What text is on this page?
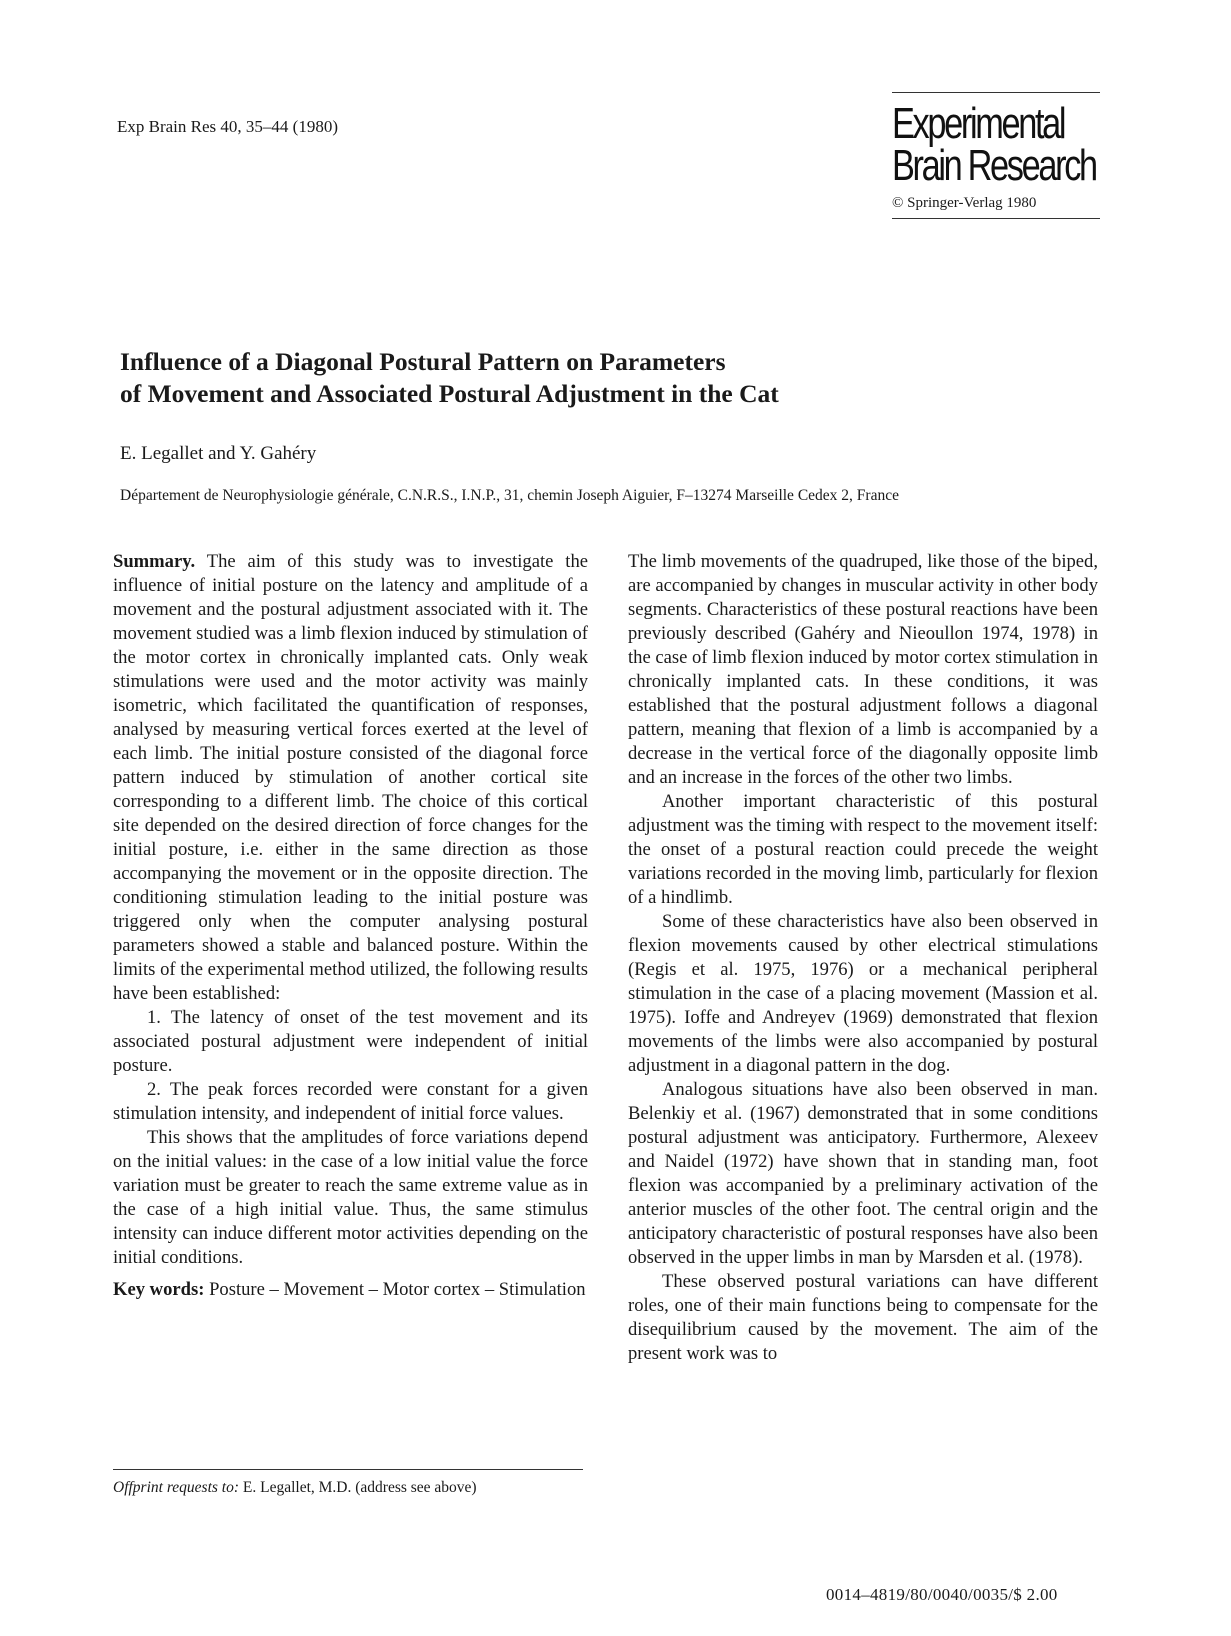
Exp Brain Res 40, 35–44 (1980)	Experimental
Brain Research
© Springer-Verlag 1980
Influence of a Diagonal Postural Pattern on Parameters
of Movement and Associated Postural Adjustment in the Cat
E. Legallet and Y. Gahéry
Département de Neurophysiologie générale, C.N.R.S., I.N.P., 31, chemin Joseph Aiguier, F–13274 Marseille Cedex 2, France

Summary. The aim of this study was to investigate the influence of initial posture on the latency and amplitude of a movement and the postural adjustment associated with it. The movement studied was a limb flexion induced by stimulation of the motor cortex in chronically implanted cats. Only weak stimulations were used and the motor activity was mainly isometric, which facilitated the quantification of responses, analysed by measuring vertical forces exerted at the level of each limb. The initial posture consisted of the diagonal force pattern induced by stimulation of another cortical site corresponding to a different limb. The choice of this cortical site depended on the desired direction of force changes for the initial posture, i.e. either in the same direction as those accompanying the movement or in the opposite direction. The conditioning stimulation leading to the initial posture was triggered only when the computer analysing postural parameters showed a stable and balanced posture. Within the limits of the experimental method utilized, the following results have been established:

1. The latency of onset of the test movement and its associated postural adjustment were independent of initial posture.

2. The peak forces recorded were constant for a given stimulation intensity, and independent of initial force values.

This shows that the amplitudes of force variations depend on the initial values: in the case of a low initial value the force variation must be greater to reach the same extreme value as in the case of a high initial value. Thus, the same stimulus intensity can induce different motor activities depending on the initial conditions.

Key words: Posture – Movement – Motor cortex – Stimulation

Offprint requests to: E. Legallet, M.D. (address see above)

The limb movements of the quadruped, like those of the biped, are accompanied by changes in muscular activity in other body segments. Characteristics of these postural reactions have been previously described (Gahéry and Nieoullon 1974, 1978) in the case of limb flexion induced by motor cortex stimulation in chronically implanted cats. In these conditions, it was established that the postural adjustment follows a diagonal pattern, meaning that flexion of a limb is accompanied by a decrease in the vertical force of the diagonally opposite limb and an increase in the forces of the other two limbs.

Another important characteristic of this postural adjustment was the timing with respect to the movement itself: the onset of a postural reaction could precede the weight variations recorded in the moving limb, particularly for flexion of a hindlimb.

Some of these characteristics have also been observed in flexion movements caused by other electrical stimulations (Regis et al. 1975, 1976) or a mechanical peripheral stimulation in the case of a placing movement (Massion et al. 1975). Ioffe and Andreyev (1969) demonstrated that flexion movements of the limbs were also accompanied by postural adjustment in a diagonal pattern in the dog.

Analogous situations have also been observed in man. Belenkiy et al. (1967) demonstrated that in some conditions postural adjustment was anticipatory. Furthermore, Alexeev and Naidel (1972) have shown that in standing man, foot flexion was accompanied by a preliminary activation of the anterior muscles of the other foot. The central origin and the anticipatory characteristic of postural responses have also been observed in the upper limbs in man by Marsden et al. (1978).

These observed postural variations can have different roles, one of their main functions being to compensate for the disequilibrium caused by the movement. The aim of the present work was to

0014–4819/80/0040/0035/$ 2.00
